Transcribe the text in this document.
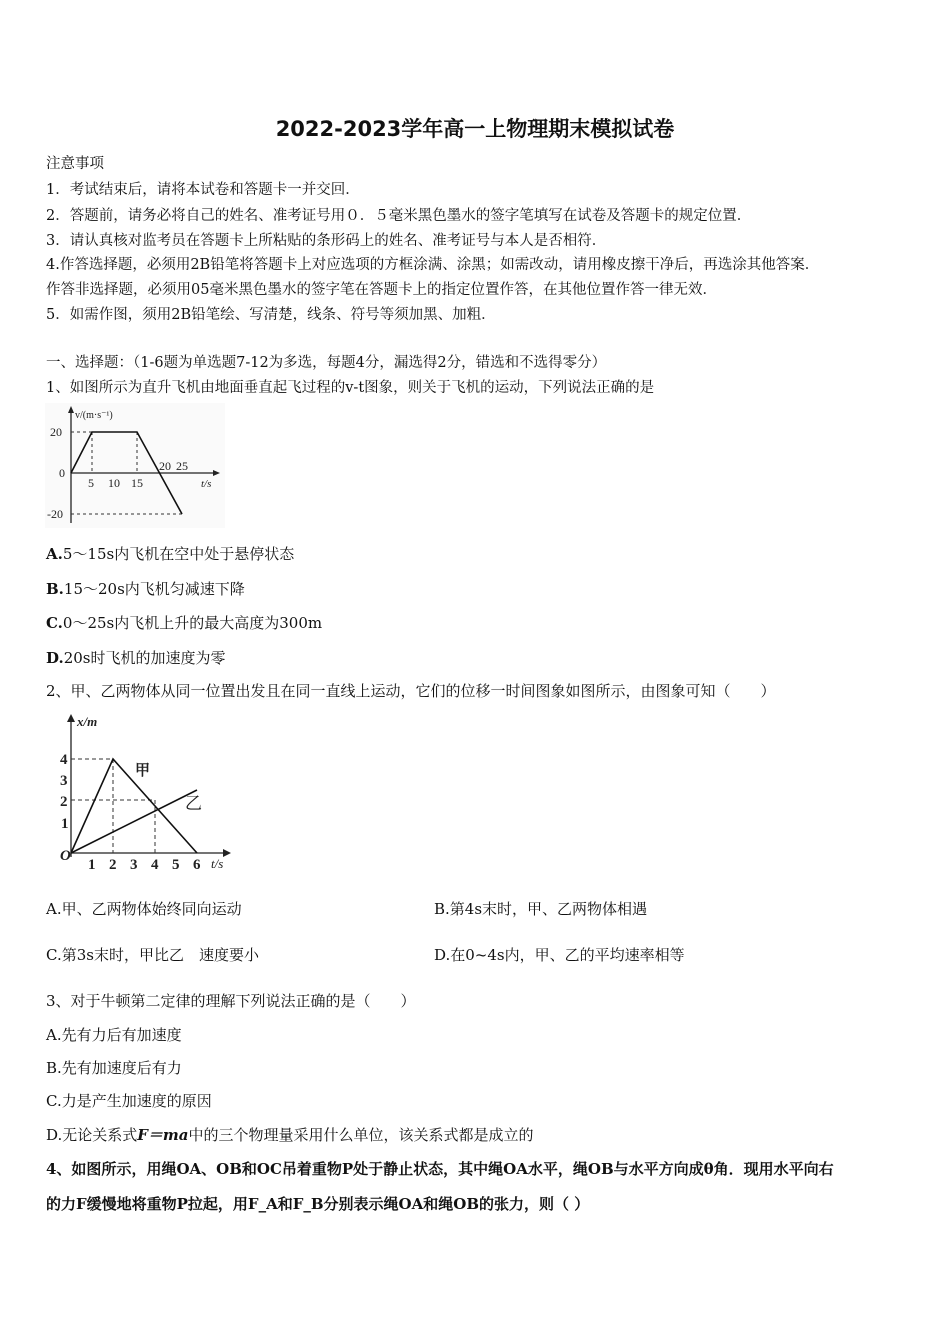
2022-2023学年高一上物理期末模拟试卷
注意事项
1．考试结束后，请将本试卷和答题卡一并交回．
2．答题前，请务必将自己的姓名、准考证号用０．５毫米黑色墨水的签字笔填写在试卷及答题卡的规定位置．
3．请认真核对监考员在答题卡上所粘贴的条形码上的姓名、准考证号与本人是否相符．
4.作答选择题，必须用2B铅笔将答题卡上对应选项的方框涂满、涂黑；如需改动，请用橡皮擦干净后，再选涂其他答案．
作答非选择题，必须用05毫米黑色墨水的签字笔在答题卡上的指定位置作答，在其他位置作答一律无效．
5．如需作图，须用2B铅笔绘、写清楚，线条、符号等须加黑、加粗．
一、选择题：（1-6题为单选题7-12为多选，每题4分，漏选得2分，错选和不选得零分）
1、如图所示为直升飞机由地面垂直起飞过程的v-t图象，则关于飞机的运动，下列说法正确的是
v/(m·s⁻¹)
t/s
20
0
-20
5 10 15
20 25
A.5～15s内飞机在空中处于悬停状态
B.15～20s内飞机匀减速下降
C.0～25s内飞机上升的最大高度为300m
D.20s时飞机的加速度为零
2、甲、乙两物体从同一位置出发且在同一直线上运动，它们的位移一时间图象如图所示，由图象可知（　　）
x/m
t/s
O
4
3
2
1
1 2 3 4 5 6
甲
乙
A.甲、乙两物体始终同向运动	B.第4s末时，甲、乙两物体相遇
C.第3s末时，甲比乙　速度要小	D.在0~4s内，甲、乙的平均速率相等
3、对于牛顿第二定律的理解下列说法正确的是（　　）
A.先有力后有加速度
B.先有加速度后有力
C.力是产生加速度的原因
D.无论关系式F＝ma中的三个物理量采用什么单位，该关系式都是成立的
4、如图所示，用绳OA、OB和OC吊着重物P处于静止状态，其中绳OA水平，绳OB与水平方向成θ角．现用水平向右
的力F缓慢地将重物P拉起，用F_A和F_B分别表示绳OA和绳OB的张力，则（ ）
